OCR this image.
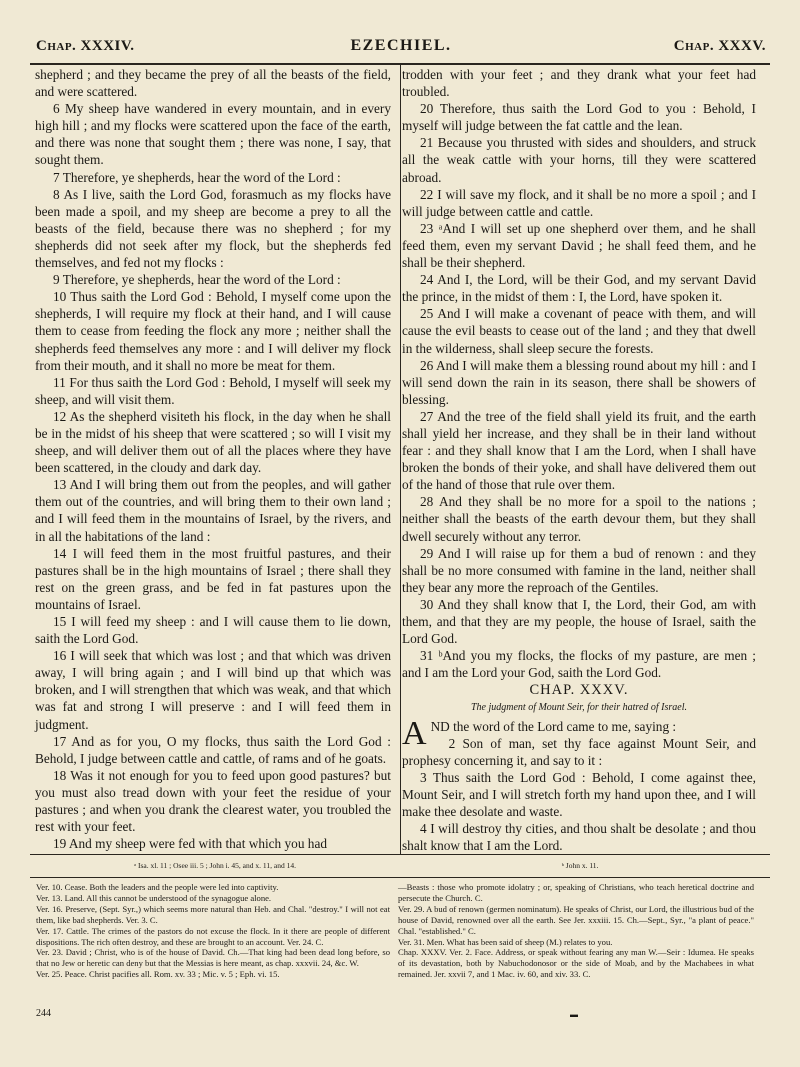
Chap. XXXIV.	EZECHIEL.	Chap. XXXV.

shepherd ; and they became the prey of all the beasts of the field, and were scattered.

6 My sheep have wandered in every mountain, and in every high hill ; and my flocks were scattered upon the face of the earth, and there was none that sought them ; there was none, I say, that sought them.

7 Therefore, ye shepherds, hear the word of the Lord :

8 As I live, saith the Lord God, forasmuch as my flocks have been made a spoil, and my sheep are become a prey to all the beasts of the field, because there was no shepherd ; for my shepherds did not seek after my flock, but the shepherds fed themselves, and fed not my flocks :

9 Therefore, ye shepherds, hear the word of the Lord :

10 Thus saith the Lord God : Behold, I myself come upon the shepherds, I will require my flock at their hand, and I will cause them to cease from feeding the flock any more ; neither shall the shepherds feed themselves any more : and I will deliver my flock from their mouth, and it shall no more be meat for them.

11 For thus saith the Lord God : Behold, I myself will seek my sheep, and will visit them.

12 As the shepherd visiteth his flock, in the day when he shall be in the midst of his sheep that were scattered ; so will I visit my sheep, and will deliver them out of all the places where they have been scattered, in the cloudy and dark day.

13 And I will bring them out from the peoples, and will gather them out of the countries, and will bring them to their own land ; and I will feed them in the mountains of Israel, by the rivers, and in all the habitations of the land :

14 I will feed them in the most fruitful pastures, and their pastures shall be in the high mountains of Israel ; there shall they rest on the green grass, and be fed in fat pastures upon the mountains of Israel.

15 I will feed my sheep : and I will cause them to lie down, saith the Lord God.

16 I will seek that which was lost ; and that which was driven away, I will bring again ; and I will bind up that which was broken, and I will strengthen that which was weak, and that which was fat and strong I will preserve : and I will feed them in judgment.

17 And as for you, O my flocks, thus saith the Lord God : Behold, I judge between cattle and cattle, of rams and of he goats.

18 Was it not enough for you to feed upon good pastures? but you must also tread down with your feet the residue of your pastures ; and when you drank the clearest water, you troubled the rest with your feet.

19 And my sheep were fed with that which you had

trodden with your feet ; and they drank what your feet had troubled.

20 Therefore, thus saith the Lord God to you : Behold, I myself will judge between the fat cattle and the lean.

21 Because you thrusted with sides and shoulders, and struck all the weak cattle with your horns, till they were scattered abroad.

22 I will save my flock, and it shall be no more a spoil ; and I will judge between cattle and cattle.

23 ᵃAnd I will set up one shepherd over them, and he shall feed them, even my servant David ; he shall feed them, and he shall be their shepherd.

24 And I, the Lord, will be their God, and my servant David the prince, in the midst of them : I, the Lord, have spoken it.

25 And I will make a covenant of peace with them, and will cause the evil beasts to cease out of the land ; and they that dwell in the wilderness, shall sleep secure the forests.

26 And I will make them a blessing round about my hill : and I will send down the rain in its season, there shall be showers of blessing.

27 And the tree of the field shall yield its fruit, and the earth shall yield her increase, and they shall be in their land without fear : and they shall know that I am the Lord, when I shall have broken the bonds of their yoke, and shall have delivered them out of the hand of those that rule over them.

28 And they shall be no more for a spoil to the nations ; neither shall the beasts of the earth devour them, but they shall dwell securely without any terror.

29 And I will raise up for them a bud of renown : and they shall be no more consumed with famine in the land, neither shall they bear any more the reproach of the Gentiles.

30 And they shall know that I, the Lord, their God, am with them, and that they are my people, the house of Israel, saith the Lord God.

31 ᵇAnd you my flocks, the flocks of my pasture, are men ; and I am the Lord your God, saith the Lord God.

CHAP. XXXV.
The judgment of Mount Seir, for their hatred of Israel.

AND the word of the Lord came to me, saying :

2 Son of man, set thy face against Mount Seir, and prophesy concerning it, and say to it :

3 Thus saith the Lord God : Behold, I come against thee, Mount Seir, and I will stretch forth my hand upon thee, and I will make thee desolate and waste.

4 I will destroy thy cities, and thou shalt be desolate ; and thou shalt know that I am the Lord.

ᵃ Isa. xl. 11 ; Osee iii. 5 ; John i. 45, and x. 11, and 14.	ᵇ John x. 11.

Ver. 10. Cease. Both the leaders and the people were led into captivity.

Ver. 13. Land. All this cannot be understood of the synagogue alone.

Ver. 16. Preserve, (Sept. Syr.,) which seems more natural than Heb. and Chal. "destroy." I will not eat them, like bad shepherds. Ver. 3. C.

Ver. 17. Cattle. The crimes of the pastors do not excuse the flock. In it there are people of different dispositions. The rich often destroy, and these are brought to an account. Ver. 24. C.

Ver. 23. David ; Christ, who is of the house of David. Ch.—That king had been dead long before, so that no Jew or heretic can deny but that the Messias is here meant, as chap. xxxvii. 24, &c. W.

Ver. 25. Peace. Christ pacifies all. Rom. xv. 33 ; Mic. v. 5 ; Eph. vi. 15.

—Beasts : those who promote idolatry ; or, speaking of Christians, who teach heretical doctrine and persecute the Church. C.

Ver. 29. A bud of renown (germen nominatum). He speaks of Christ, our Lord, the illustrious bud of the house of David, renowned over all the earth. See Jer. xxxiii. 15. Ch.—Sept., Syr., "a plant of peace." Chal. "established." C.

Ver. 31. Men. What has been said of sheep (M.) relates to you.

Chap. XXXV. Ver. 2. Face. Address, or speak without fearing any man W.—Seir : Idumea. He speaks of its devastation, both by Nabuchodonosor or the side of Moab, and by the Machabees in what remained. Jer. xxvii 7, and 1 Mac. iv. 60, and xiv. 33. C.

244	▬
